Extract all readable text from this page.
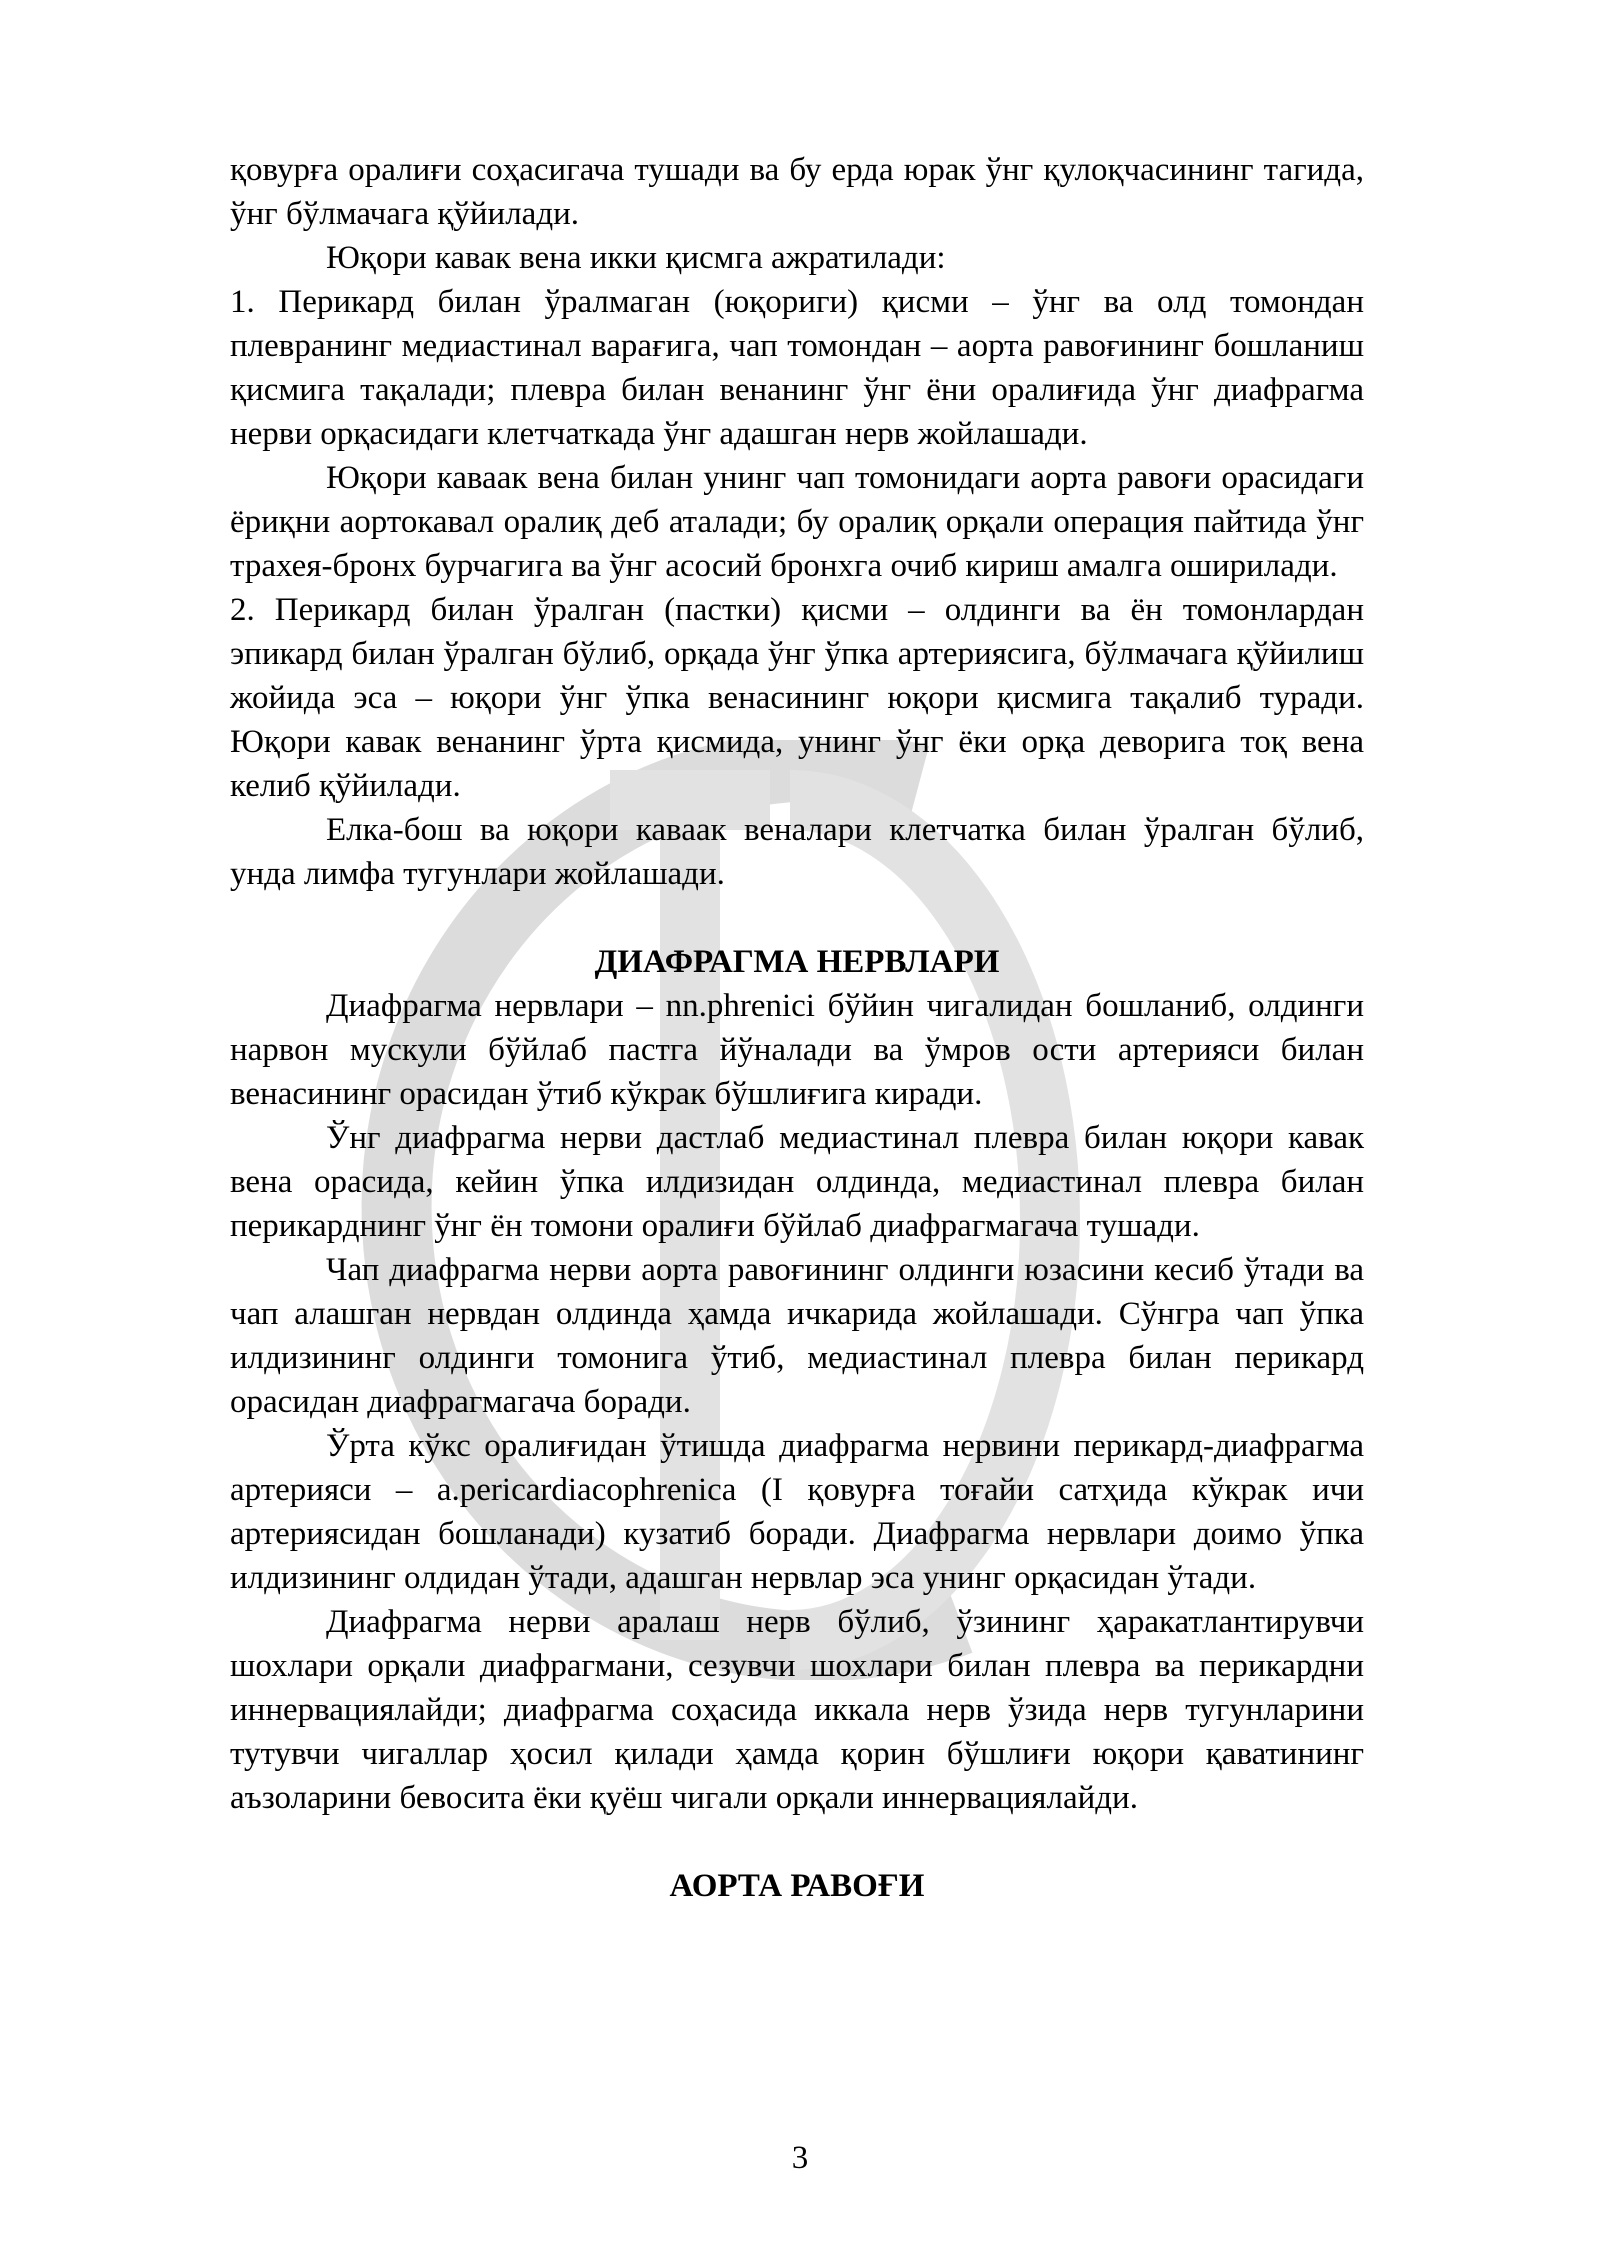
қовурға оралиғи соҳасигача тушади ва бу ерда юрак ўнг қулоқчасининг тагида, ўнг бўлмачага қўйилади.

Юқори кавак вена икки қисмга ажратилади:

1. Перикард билан ўралмаган (юқориги) қисми – ўнг ва олд томондан плевранинг медиастинал варағига, чап томондан – аорта равоғининг бошланиш қисмига тақалади; плевра билан венанинг ўнг ёни оралиғида ўнг диафрагма нерви орқасидаги клетчаткада ўнг адашган нерв жойлашади.

Юқори каваак вена билан унинг чап томонидаги аорта равоғи орасидаги ёриқни аортокавал оралиқ деб аталади; бу оралиқ орқали операция пайтида ўнг трахея-бронх бурчагига ва ўнг асосий бронхга очиб кириш амалга оширилади.

2. Перикард билан ўралган (пастки) қисми – олдинги ва ён томонлардан эпикард билан ўралган бўлиб, орқада ўнг ўпка артериясига, бўлмачага қўйилиш жойида эса – юқори ўнг ўпка венасининг юқори қисмига тақалиб туради. Юқори кавак венанинг ўрта қисмида, унинг ўнг ёки орқа деворига тоқ вена келиб қўйилади.

Елка-бош ва юқори каваак веналари клетчатка билан ўралган бўлиб, унда лимфа тугунлари жойлашади.

ДИАФРАГМА НЕРВЛАРИ

Диафрагма нервлари – nn.phrenici бўйин чигалидан бошланиб, олдинги нарвон мускули бўйлаб пастга йўналади ва ўмров ости артерияси билан венасининг орасидан ўтиб кўкрак бўшлиғига киради.

Ўнг диафрагма нерви дастлаб медиастинал плевра билан юқори кавак вена орасида, кейин ўпка илдизидан олдинда, медиастинал плевра билан перикарднинг ўнг ён томони оралиғи бўйлаб диафрагмагача тушади.

Чап диафрагма нерви аорта равоғининг олдинги юзасини кесиб ўтади ва чап алашган нервдан олдинда ҳамда ичкарида жойлашади. Сўнгра чап ўпка илдизининг олдинги томонига ўтиб, медиастинал плевра билан перикард орасидан диафрагмагача боради.

Ўрта кўкс оралиғидан ўтишда диафрагма нервини перикард-диафрагма артерияси – a.pericardiacophrenica (I қовурға тоғайи сатҳида кўкрак ичи артериясидан бошланади) кузатиб боради. Диафрагма нервлари доимо ўпка илдизининг олдидан ўтади, адашган нервлар эса унинг орқасидан ўтади.

Диафрагма нерви аралаш нерв бўлиб, ўзининг ҳаракатлантирувчи шохлари орқали диафрагмани, сезувчи шохлари билан плевра ва перикардни иннервациялайди; диафрагма соҳасида иккала нерв ўзида нерв тугунларини тутувчи чигаллар ҳосил қилади ҳамда қорин бўшлиғи юқори қаватининг аъзоларини бевосита ёки қуёш чигали орқали иннервациялайди.

АОРТА РАВОҒИ
3
